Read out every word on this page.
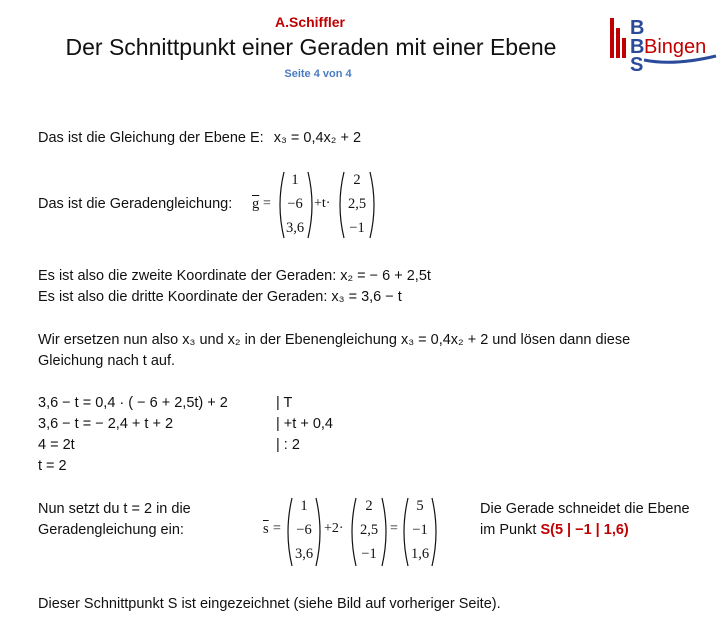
A.Schiffler
Der Schnittpunkt einer Geraden mit einer Ebene
Seite 4 von 4
B
B
S
Bingen
Das ist die Gleichung der Ebene E: x₃ = 0,4x₂ + 2
Das ist die Geradengleichung: $\overline{g}$ =
1
−6
3,6
+t·
2
2,5
−1
Es ist also die zweite Koordinate der Geraden: x₂ = − 6 + 2,5t
Es ist also die dritte Koordinate der Geraden: x₃ = 3,6 − t
Wir ersetzen nun also x₃ und x₂ in der Ebenengleichung x₃ = 0,4x₂ + 2 und lösen dann diese
Gleichung nach t auf.
3,6 − t = 0,4 · ( − 6 + 2,5t) + 2	| T
3,6 − t = − 2,4 + t + 2	| +t + 0,4
4 = 2t	| : 2
t = 2
Nun setzt du t = 2 in die
Geradengleichung ein:	$\overline{s}$ =
1
−6
3,6
+2·
2
2,5
−1
=
5
−1
1,6
Die Gerade schneidet die Ebene
im Punkt S(5 | −1 | 1,6)
Dieser Schnittpunkt S ist eingezeichnet (siehe Bild auf vorheriger Seite).
